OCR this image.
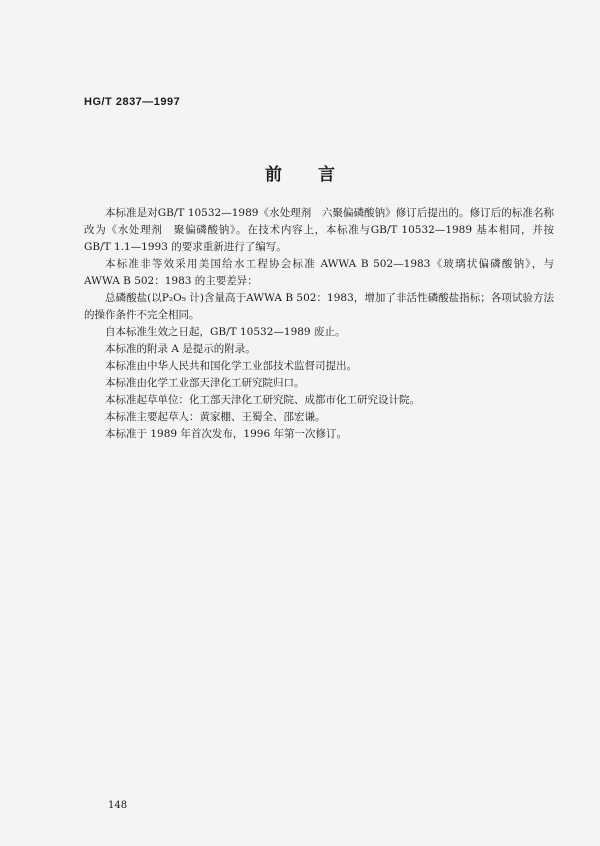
HG/T 2837—1997
前 言

本标准是对GB/T 10532—1989《水处理剂　六聚偏磷酸钠》修订后提出的。修订后的标准名称改为《水处理剂　聚偏磷酸钠》。在技术内容上，本标准与GB/T 10532—1989 基本相同，并按GB/T 1.1—1993 的要求重新进行了编写。

本标准非等效采用美国给水工程协会标准 AWWA B 502—1983《玻璃状偏磷酸钠》，与 AWWA B 502：1983 的主要差异：

总磷酸盐(以P₂O₅ 计)含量高于AWWA B 502：1983，增加了非活性磷酸盐指标；各项试验方法的操作条件不完全相同。

自本标准生效之日起，GB/T 10532—1989 废止。

本标准的附录 A 是提示的附录。

本标准由中华人民共和国化学工业部技术监督司提出。

本标准由化学工业部天津化工研究院归口。

本标准起草单位：化工部天津化工研究院、成都市化工研究设计院。

本标准主要起草人：黄家棚、王蜀全、邵宏谦。

本标准于 1989 年首次发布，1996 年第一次修订。

148
